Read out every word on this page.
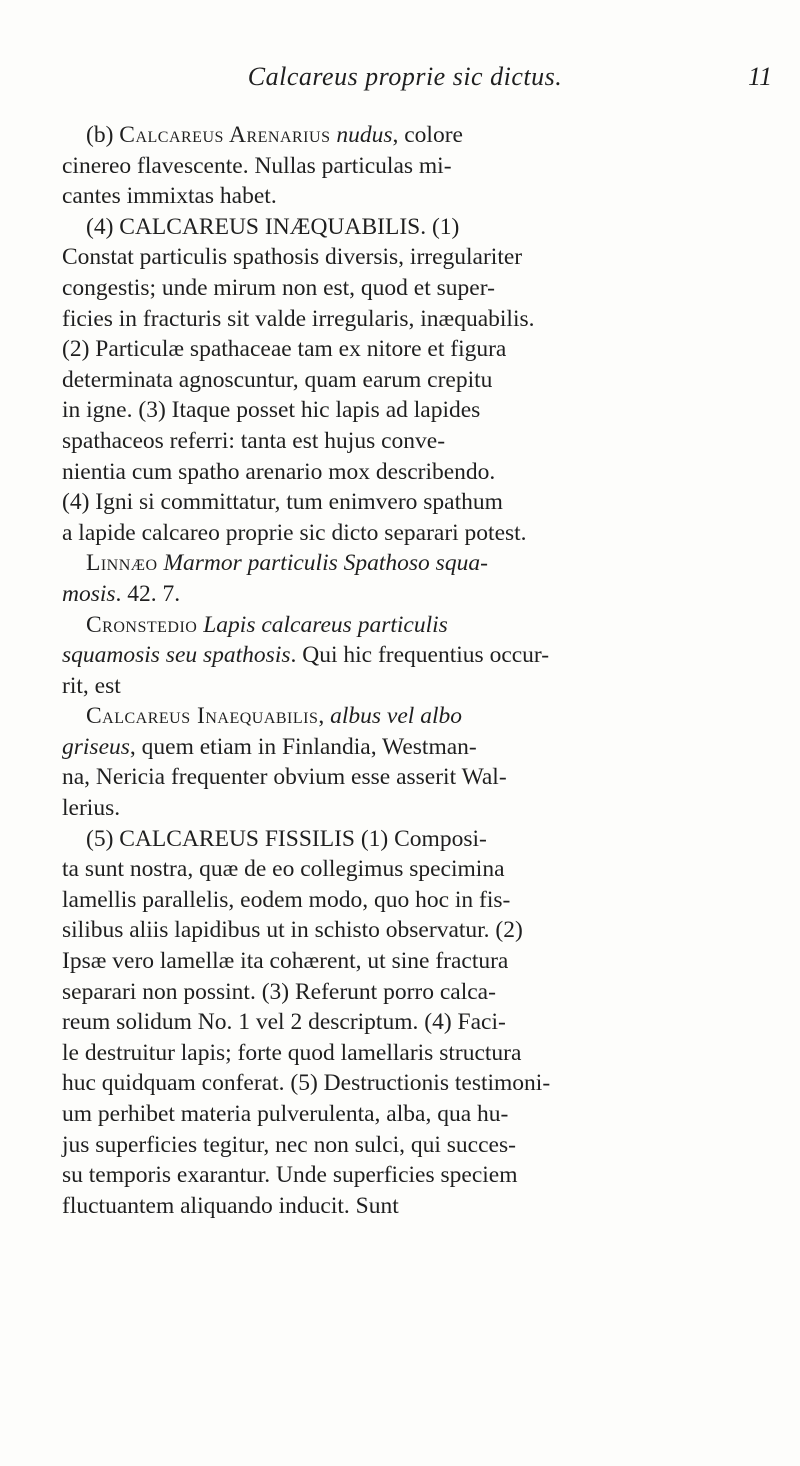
Calcareus proprie sic dictus.	11
(b) Calcareus Arenarius nudus, colore
cinereo flavescente. Nullas particulas mi-
cantes immixtas habet.
(4) CALCAREUS INÆQUABILIS. (1)
Constat particulis spathosis diversis, irregulariter
congestis; unde mirum non est, quod et super-
ficies in fracturis sit valde irregularis, inæquabilis.
(2) Particulæ spathaceae tam ex nitore et figura
determinata agnoscuntur, quam earum crepitu
in igne. (3) Itaque posset hic lapis ad lapides
spathaceos referri: tanta est hujus conve-
nientia cum spatho arenario mox describendo.
(4) Igni si committatur, tum enimvero spathum
a lapide calcareo proprie sic dicto separari potest.
Linnæo Marmor particulis Spathoso squa-
mosis. 42. 7.
Cronstedio Lapis calcareus particulis
squamosis seu spathosis. Qui hic frequentius occur-
rit, est
Calcareus Inaequabilis, albus vel albo
griseus, quem etiam in Finlandia, Westman-
na, Nericia frequenter obvium esse asserit Wal-
lerius.
(5) CALCAREUS FISSILIS (1) Composi-
ta sunt nostra, quæ de eo collegimus specimina
lamellis parallelis, eodem modo, quo hoc in fis-
silibus aliis lapidibus ut in schisto observatur. (2)
Ipsæ vero lamellæ ita cohærent, ut sine fractura
separari non possint. (3) Referunt porro calca-
reum solidum No. 1 vel 2 descriptum. (4) Faci-
le destruitur lapis; forte quod lamellaris structura
huc quidquam conferat. (5) Destructionis testimoni-
um perhibet materia pulverulenta, alba, qua hu-
jus superficies tegitur, nec non sulci, qui succes-
su temporis exarantur. Unde superficies speciem
fluctuantem aliquando inducit. Sunt
